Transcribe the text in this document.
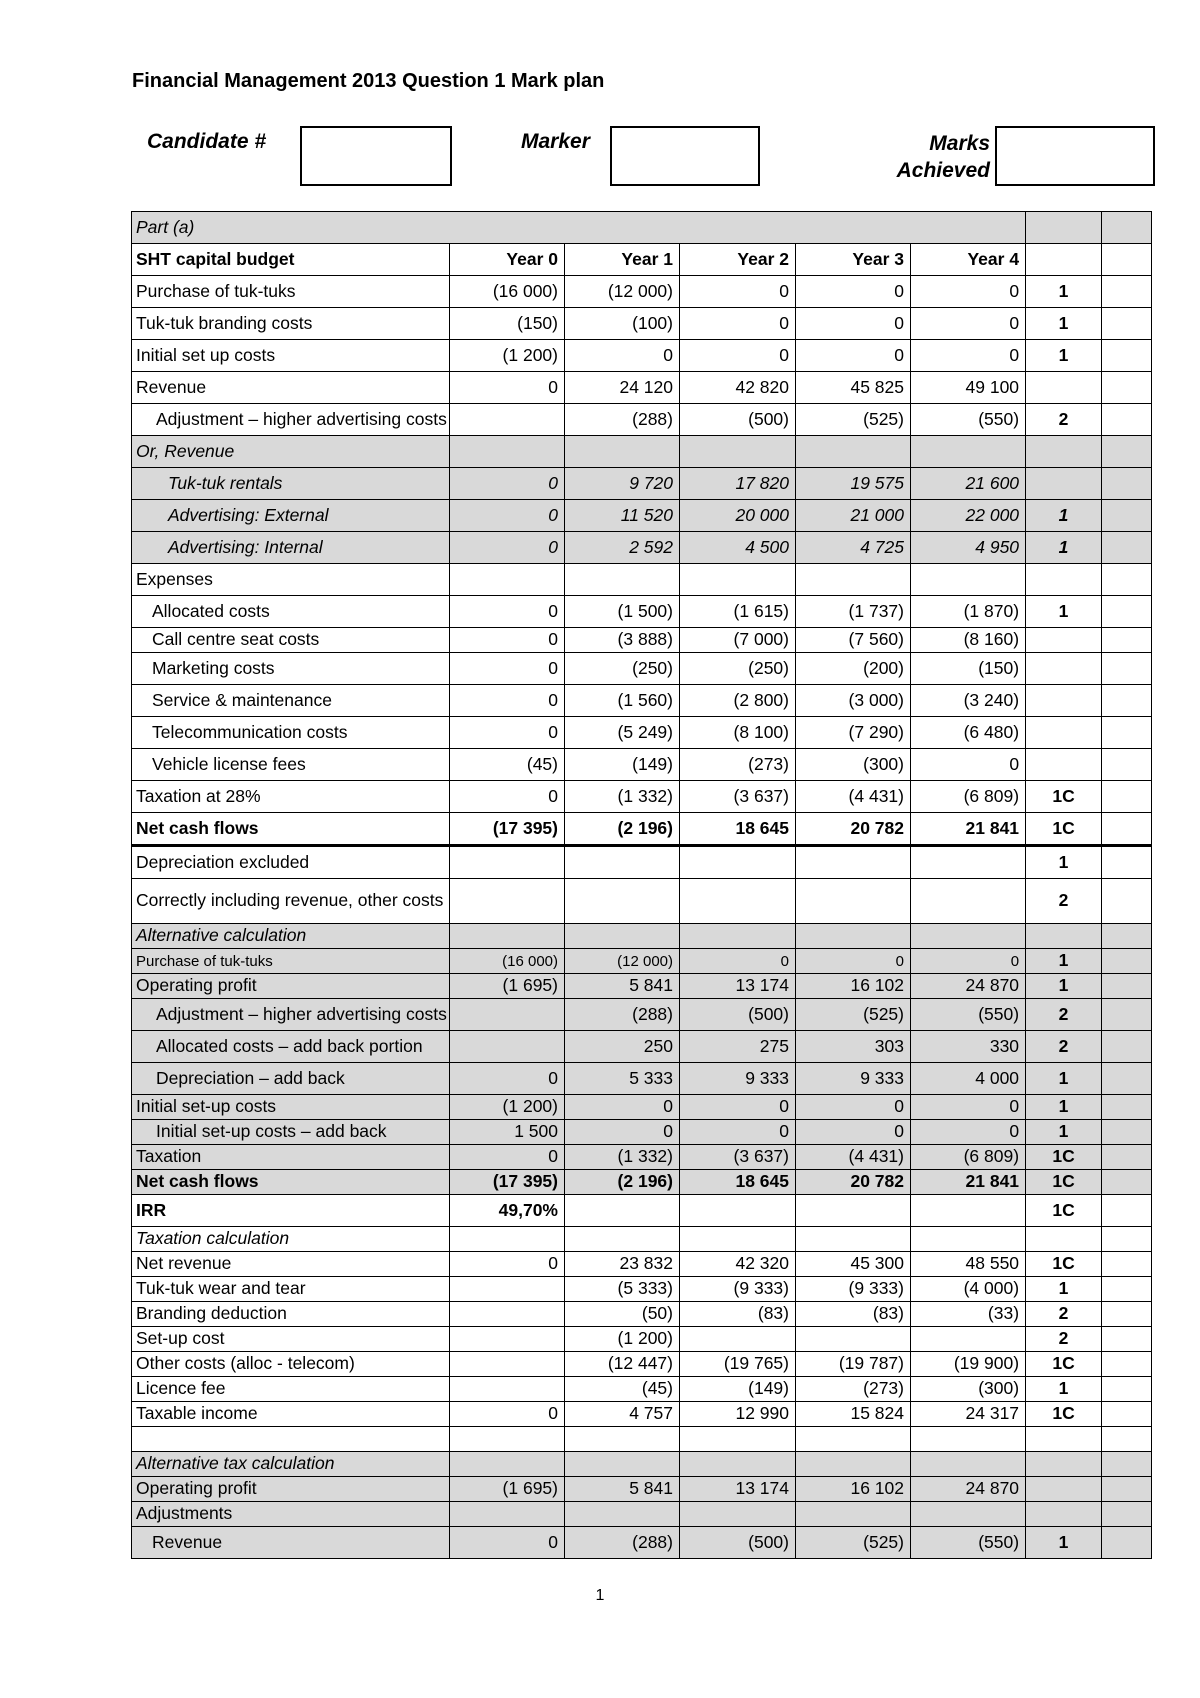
Financial Management 2013 Question 1 Mark plan
Candidate #	Marker	Marks
Achieved
Part (a)							
SHT capital budget	Year 0	Year 1	Year 2	Year 3	Year 4		
Purchase of tuk-tuks	(16 000)	(12 000)	0	0	0	1	
Tuk-tuk branding costs	(150)	(100)	0	0	0	1	
Initial set up costs	(1 200)	0	0	0	0	1	
Revenue	0	24 120	42 820	45 825	49 100		
Adjustment – higher advertising costs		(288)	(500)	(525)	(550)	2	
Or, Revenue							
Tuk-tuk rentals	0	9 720	17 820	19 575	21 600		
Advertising: External	0	11 520	20 000	21 000	22 000	1	
Advertising: Internal	0	2 592	4 500	4 725	4 950	1	
Expenses							
Allocated costs	0	(1 500)	(1 615)	(1 737)	(1 870)	1	
Call centre seat costs	0	(3 888)	(7 000)	(7 560)	(8 160)		
Marketing costs	0	(250)	(250)	(200)	(150)		
Service & maintenance	0	(1 560)	(2 800)	(3 000)	(3 240)		
Telecommunication costs	0	(5 249)	(8 100)	(7 290)	(6 480)		
Vehicle license fees	(45)	(149)	(273)	(300)	0		
Taxation at 28%	0	(1 332)	(3 637)	(4 431)	(6 809)	1C	
Net cash flows	(17 395)	(2 196)	18 645	20 782	21 841	1C	
Depreciation excluded						1	
Correctly including revenue, other costs						2	
Alternative calculation							
Purchase of tuk-tuks	(16 000)	(12 000)	0	0	0	1	
Operating profit	(1 695)	5 841	13 174	16 102	24 870	1	
Adjustment – higher advertising costs		(288)	(500)	(525)	(550)	2	
Allocated costs – add back portion		250	275	303	330	2	
Depreciation – add back	0	5 333	9 333	9 333	4 000	1	
Initial set-up costs	(1 200)	0	0	0	0	1	
Initial set-up costs – add back	1 500	0	0	0	0	1	
Taxation	0	(1 332)	(3 637)	(4 431)	(6 809)	1C	
Net cash flows	(17 395)	(2 196)	18 645	20 782	21 841	1C	
IRR	49,70%					1C	
Taxation calculation							
Net revenue	0	23 832	42 320	45 300	48 550	1C	
Tuk-tuk wear and tear		(5 333)	(9 333)	(9 333)	(4 000)	1	
Branding deduction		(50)	(83)	(83)	(33)	2	
Set-up cost		(1 200)				2	
Other costs (alloc - telecom)		(12 447)	(19 765)	(19 787)	(19 900)	1C	
Licence fee		(45)	(149)	(273)	(300)	1	
Taxable income	0	4 757	12 990	15 824	24 317	1C	

Alternative tax calculation							
Operating profit	(1 695)	5 841	13 174	16 102	24 870		
Adjustments							
Revenue	0	(288)	(500)	(525)	(550)	1	
1
